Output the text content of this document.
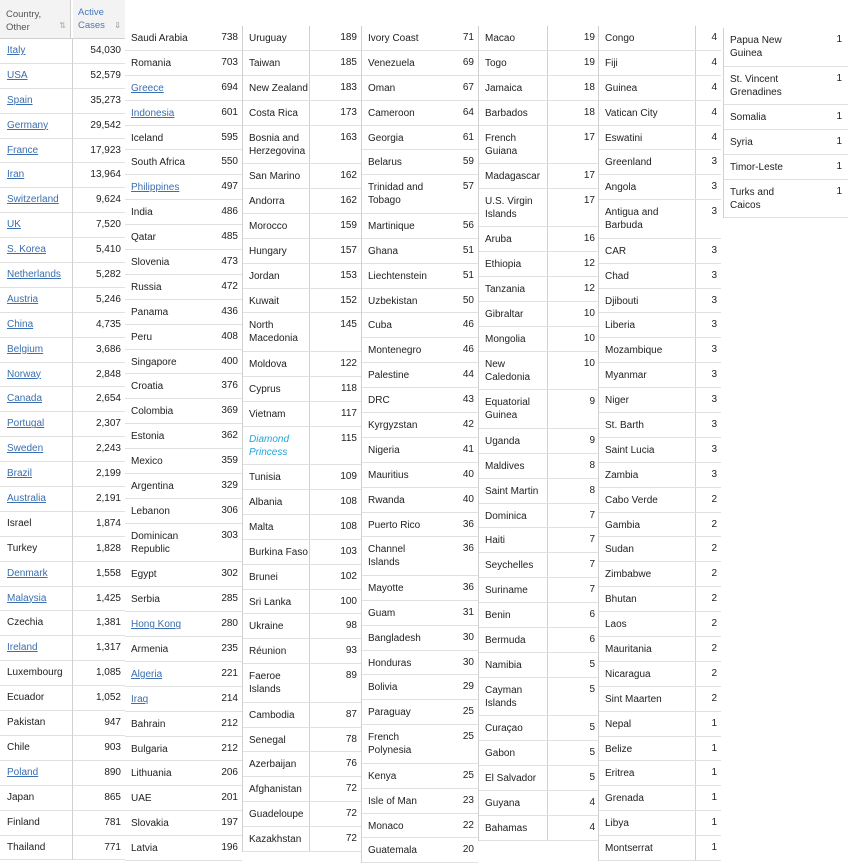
Country,
Other	⇅
Active
Cases ⇩
Italy	54,030
USA	52,579
Spain	35,273
Germany	29,542
France	17,923
Iran	13,964
Switzerland	9,624
UK	7,520
S. Korea	5,410
Netherlands	5,282
Austria	5,246
China	4,735
Belgium	3,686
Norway	2,848
Canada	2,654
Portugal	2,307
Sweden	2,243
Brazil	2,199
Australia	2,191
Israel	1,874
Turkey	1,828
Denmark	1,558
Malaysia	1,425
Czechia	1,381
Ireland	1,317
Luxembourg	1,085
Ecuador	1,052
Pakistan	947
Chile	903
Poland	890
Japan	865
Finland	781
Thailand	771
Saudi Arabia	738
Romania	703
Greece	694
Indonesia	601
Iceland	595
South Africa	550
Philippines	497
India	486
Qatar	485
Slovenia	473
Russia	472
Panama	436
Peru	408
Singapore	400
Croatia	376
Colombia	369
Estonia	362
Mexico	359
Argentina	329
Lebanon	306
Dominican Republic
303
Egypt	302
Serbia	285
Hong Kong	280
Armenia	235
Algeria	221
Iraq	214
Bahrain	212
Bulgaria	212
Lithuania	206
UAE	201
Slovakia	197
Latvia	196
Uruguay	189
Taiwan	185
New Zealand	183
Costa Rica	173
Bosnia and Herzegovina
163
San Marino	162
Andorra	162
Morocco	159
Hungary	157
Jordan	153
Kuwait	152
North Macedonia
145
Moldova	122
Cyprus	118
Vietnam	117
Diamond Princess
115
Tunisia	109
Albania	108
Malta	108
Burkina Faso	103
Brunei	102
Sri Lanka	100
Ukraine	98
Réunion	93
Faeroe Islands
89
Cambodia	87
Senegal	78
Azerbaijan	76
Afghanistan	72
Guadeloupe	72
Kazakhstan	72
Ivory Coast	71
Venezuela	69
Oman	67
Cameroon	64
Georgia	61
Belarus	59
Trinidad and Tobago
57
Martinique	56
Ghana	51
Liechtenstein	51
Uzbekistan	50
Cuba	46
Montenegro	46
Palestine	44
DRC	43
Kyrgyzstan	42
Nigeria	41
Mauritius	40
Rwanda	40
Puerto Rico	36
Channel Islands
36
Mayotte	36
Guam	31
Bangladesh	30
Honduras	30
Bolivia	29
Paraguay	25
French Polynesia
25
Kenya	25
Isle of Man	23
Monaco	22
Guatemala	20
Macao	19
Togo	19
Jamaica	18
Barbados	18
French Guiana
17
Madagascar	17
U.S. Virgin Islands
17
Aruba	16
Ethiopia	12
Tanzania	12
Gibraltar	10
Mongolia	10
New Caledonia
10
Equatorial Guinea
9
Uganda	9
Maldives	8
Saint Martin	8
Dominica	7
Haiti	7
Seychelles	7
Suriname	7
Benin	6
Bermuda	6
Namibia	5
Cayman Islands
5
Curaçao	5
Gabon	5
El Salvador	5
Guyana	4
Bahamas	4
Congo	4
Fiji	4
Guinea	4
Vatican City	4
Eswatini	4
Greenland	3
Angola	3
Antigua and Barbuda
3
CAR	3
Chad	3
Djibouti	3
Liberia	3
Mozambique	3
Myanmar	3
Niger	3
St. Barth	3
Saint Lucia	3
Zambia	3
Cabo Verde	2
Gambia	2
Sudan	2
Zimbabwe	2
Bhutan	2
Laos	2
Mauritania	2
Nicaragua	2
Sint Maarten	2
Nepal	1
Belize	1
Eritrea	1
Grenada	1
Libya	1
Montserrat	1
Papua New Guinea
1
St. Vincent Grenadines
1
Somalia	1
Syria	1
Timor-Leste	1
Turks and Caicos
1
